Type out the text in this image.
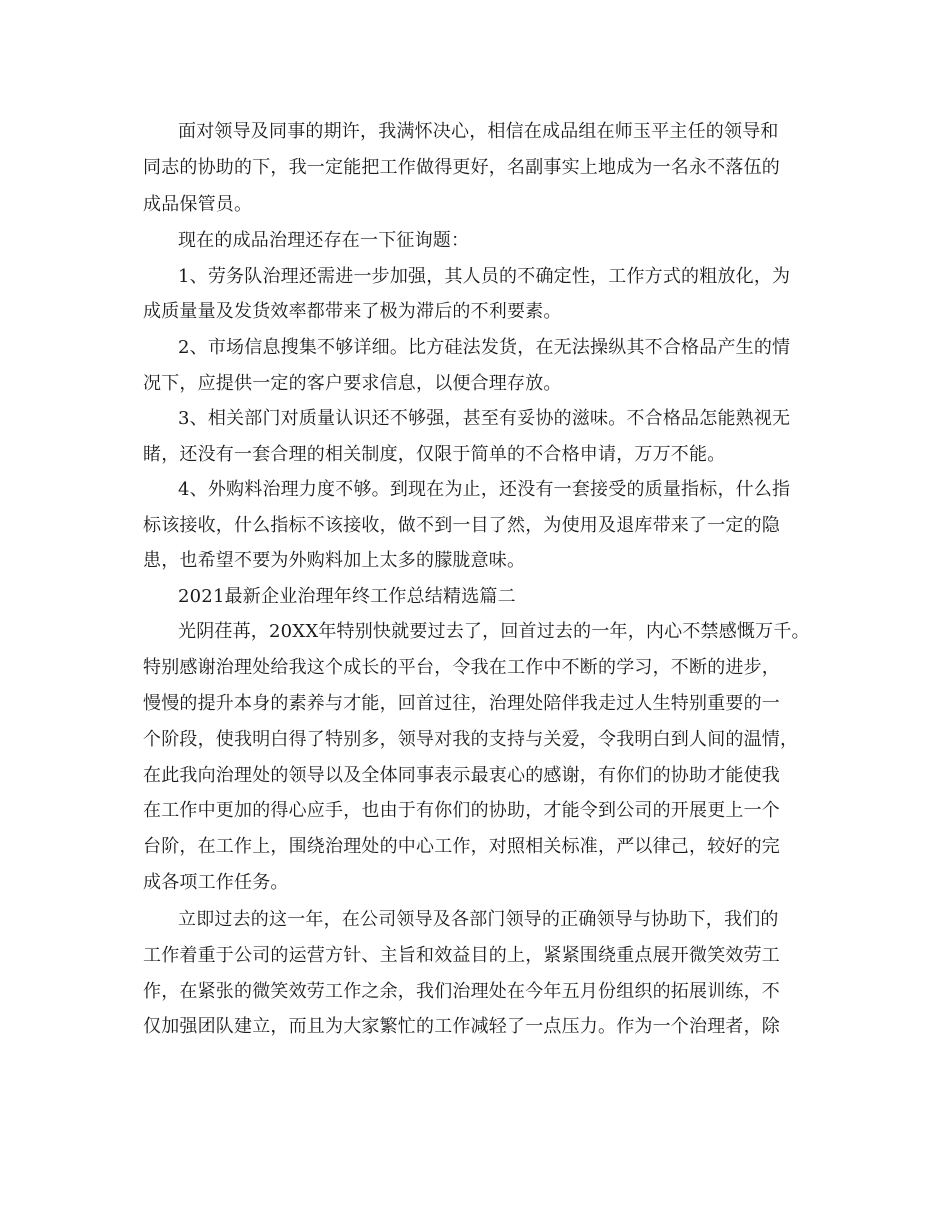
面对领导及同事的期许，我满怀决心，相信在成品组在师玉平主任的领导和
同志的协助的下，我一定能把工作做得更好，名副事实上地成为一名永不落伍的
成品保管员。
现在的成品治理还存在一下征询题：
1、劳务队治理还需进一步加强，其人员的不确定性，工作方式的粗放化，为
成质量量及发货效率都带来了极为滞后的不利要素。
2、市场信息搜集不够详细。比方硅法发货，在无法操纵其不合格品产生的情
况下，应提供一定的客户要求信息，以便合理存放。
3、相关部门对质量认识还不够强，甚至有妥协的滋味。不合格品怎能熟视无
睹，还没有一套合理的相关制度，仅限于简单的不合格申请，万万不能。
4、外购料治理力度不够。到现在为止，还没有一套接受的质量指标，什么指
标该接收，什么指标不该接收，做不到一目了然，为使用及退库带来了一定的隐
患，也希望不要为外购料加上太多的朦胧意味。
2021最新企业治理年终工作总结精选篇二
光阴荏苒，20XX年特别快就要过去了，回首过去的一年，内心不禁感慨万千。
特别感谢治理处给我这个成长的平台，令我在工作中不断的学习，不断的进步，
慢慢的提升本身的素养与才能，回首过往，治理处陪伴我走过人生特别重要的一
个阶段，使我明白得了特别多，领导对我的支持与关爱，令我明白到人间的温情，
在此我向治理处的领导以及全体同事表示最衷心的感谢，有你们的协助才能使我
在工作中更加的得心应手，也由于有你们的协助，才能令到公司的开展更上一个
台阶，在工作上，围绕治理处的中心工作，对照相关标准，严以律己，较好的完
成各项工作任务。
立即过去的这一年，在公司领导及各部门领导的正确领导与协助下，我们的
工作着重于公司的运营方针、主旨和效益目的上，紧紧围绕重点展开微笑效劳工
作，在紧张的微笑效劳工作之余，我们治理处在今年五月份组织的拓展训练，不
仅加强团队建立，而且为大家繁忙的工作减轻了一点压力。作为一个治理者，除
